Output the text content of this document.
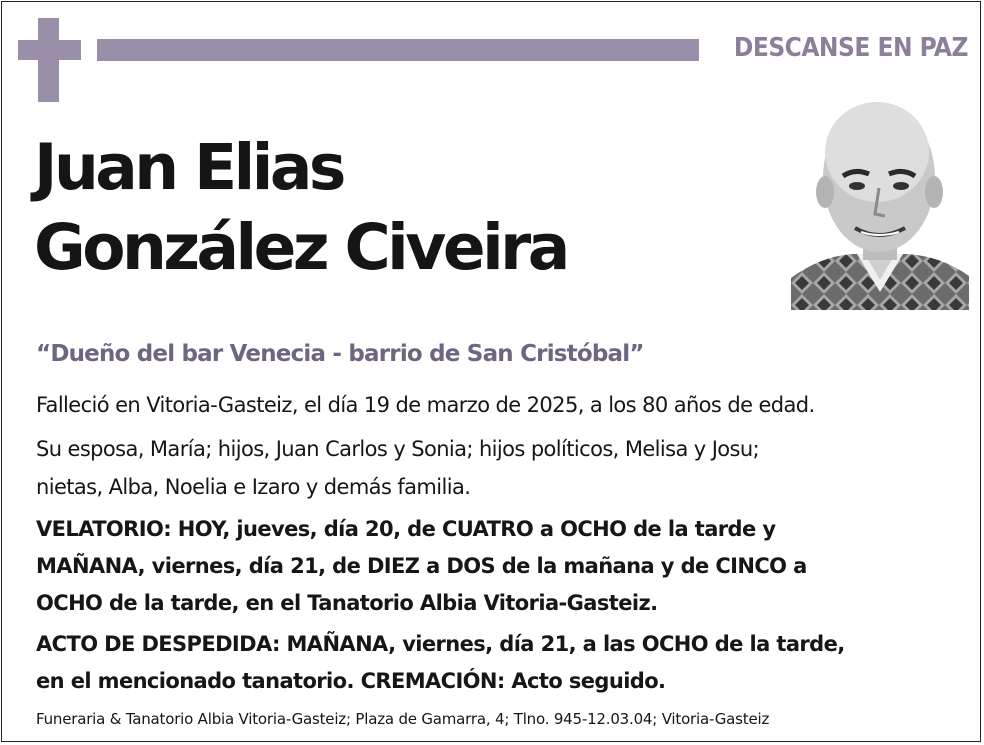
DESCANSE EN PAZ
Juan Elias
González Civeira
“Dueño del bar Venecia - barrio de San Cristóbal”
Falleció en Vitoria-Gasteiz, el día 19 de marzo de 2025, a los 80 años de edad.
Su esposa, María; hijos, Juan Carlos y Sonia; hijos políticos, Melisa y Josu;
nietas, Alba, Noelia e Izaro y demás familia.
VELATORIO: HOY, jueves, día 20, de CUATRO a OCHO de la tarde y
MAÑANA, viernes, día 21, de DIEZ a DOS de la mañana y de CINCO a
OCHO de la tarde, en el Tanatorio Albia Vitoria-Gasteiz.
ACTO DE DESPEDIDA: MAÑANA, viernes, día 21, a las OCHO de la tarde,
en el mencionado tanatorio. CREMACIÓN: Acto seguido.
Funeraria & Tanatorio Albia Vitoria-Gasteiz; Plaza de Gamarra, 4; Tlno. 945-12.03.04; Vitoria-Gasteiz
